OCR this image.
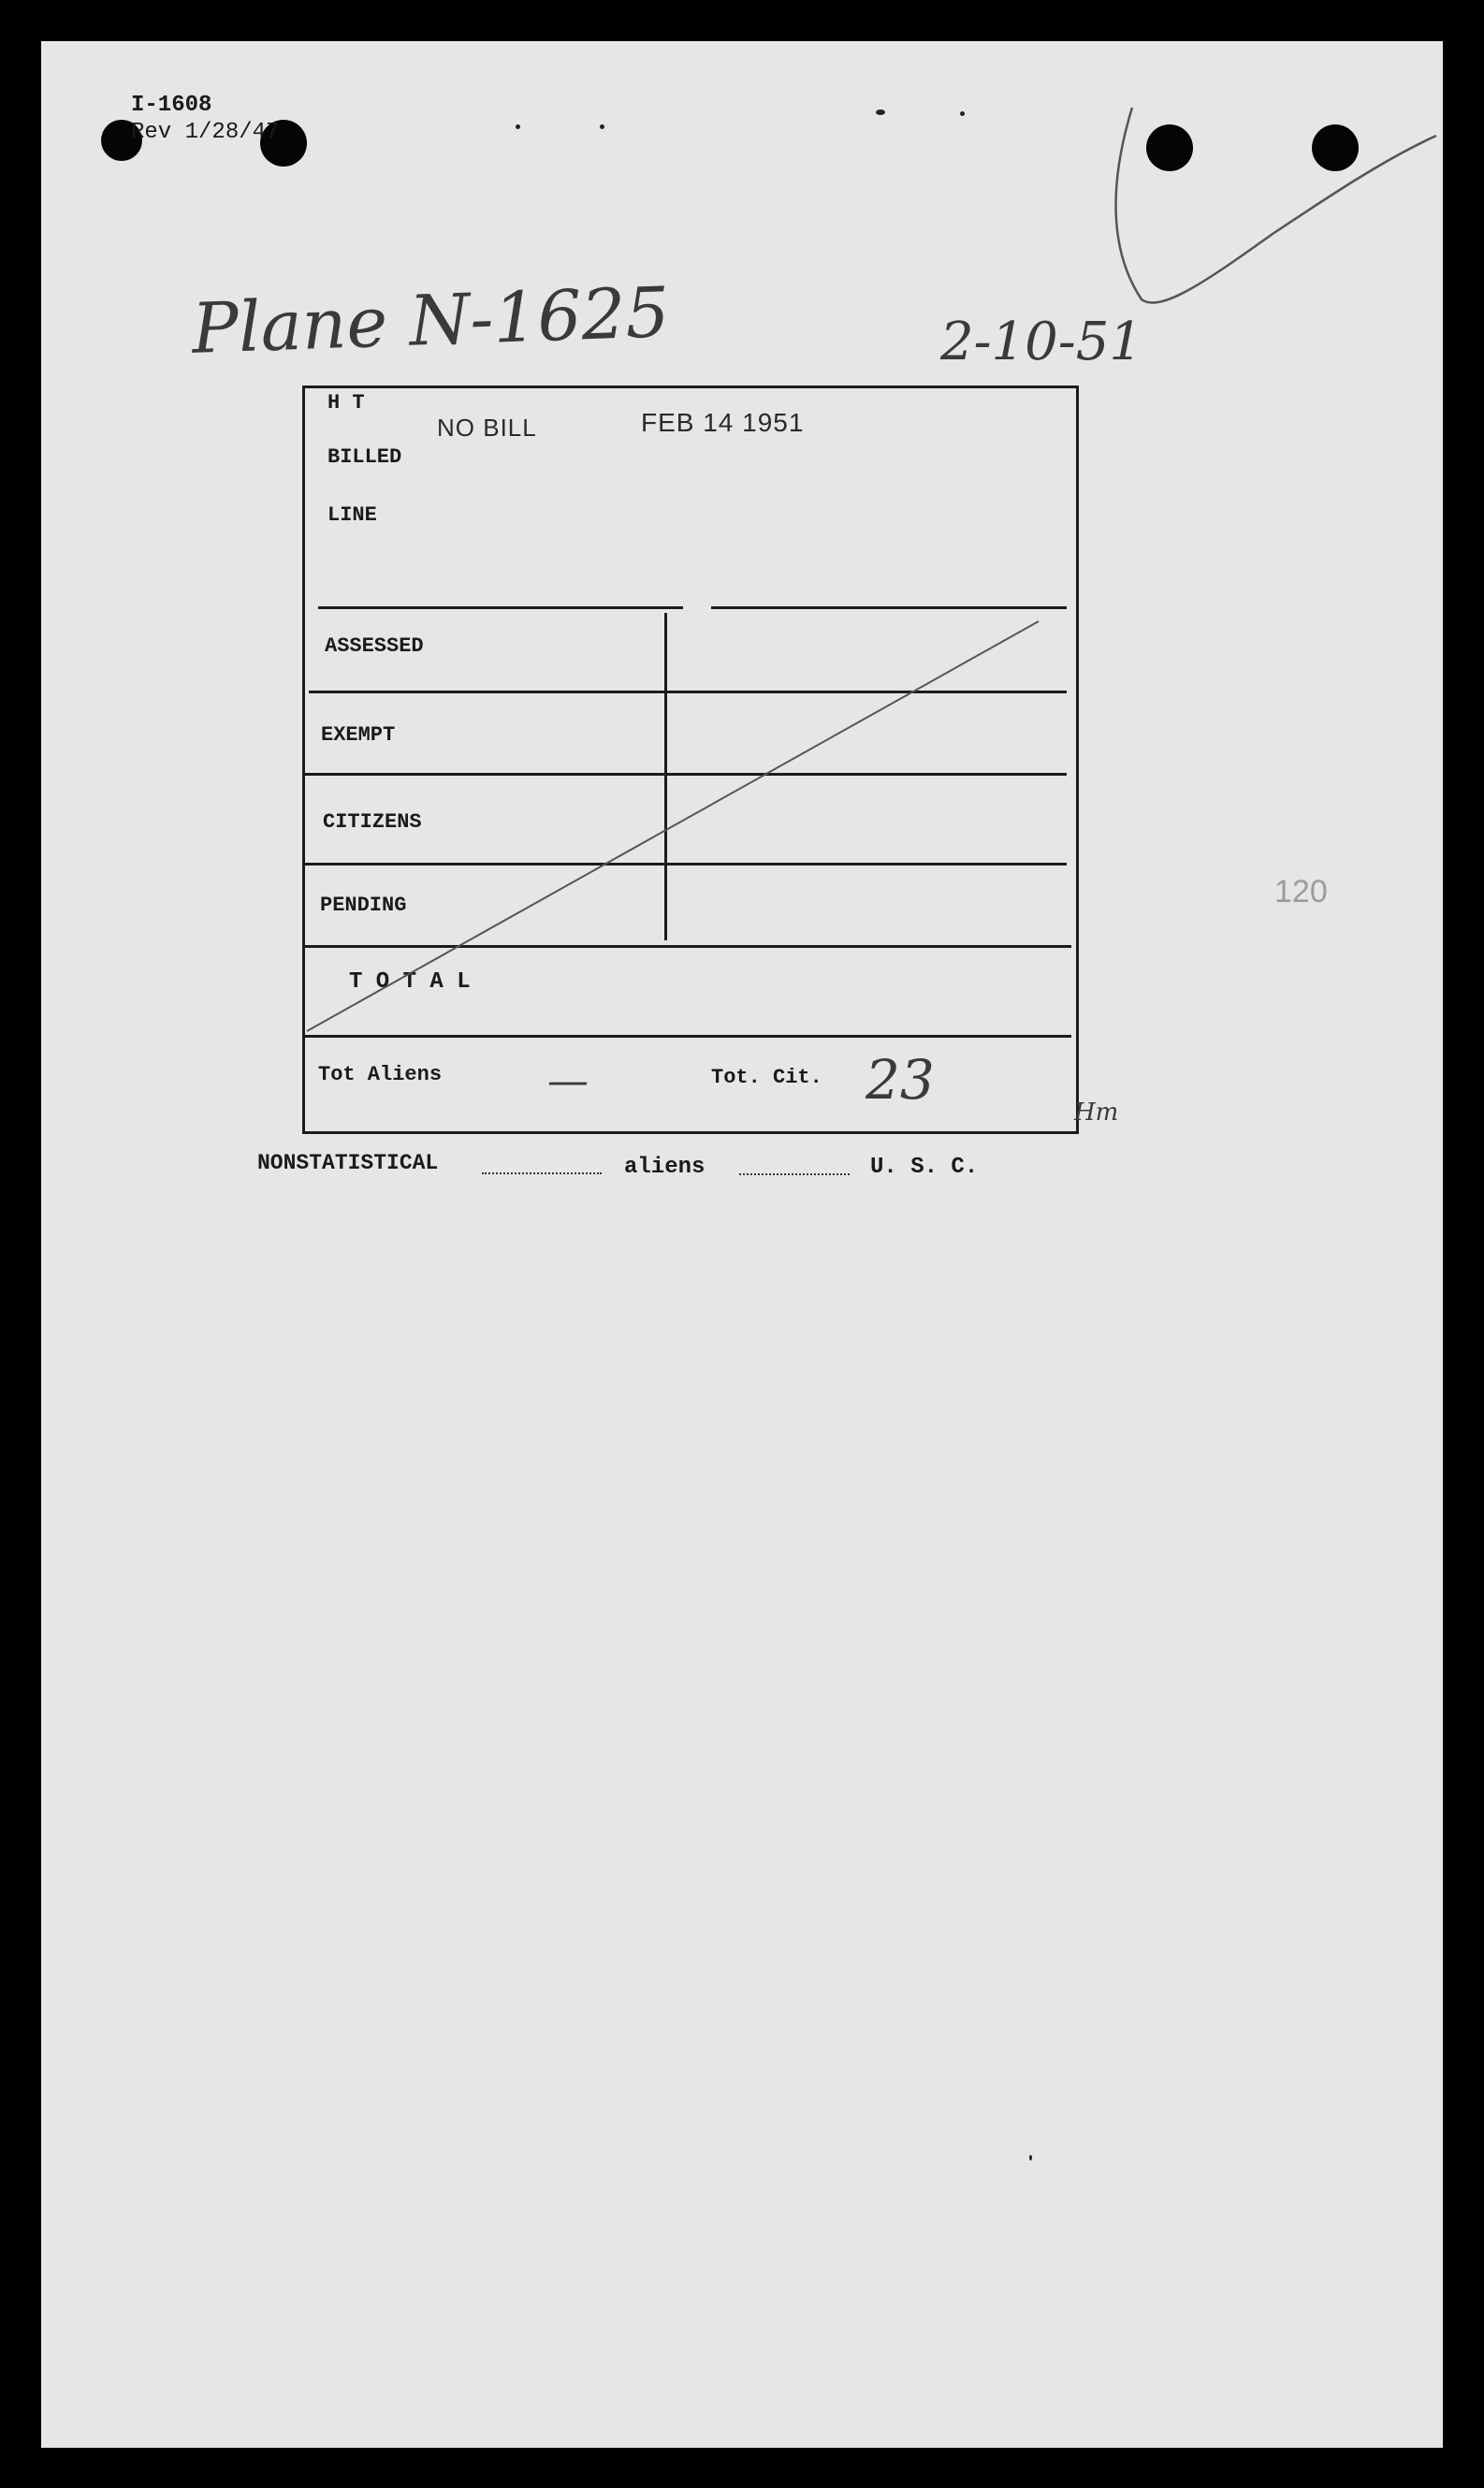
I-1608
Rev 1/28/47
Plane N-1625	2-10-51
H T
BILLED
LINE
NO BILL	FEB 14 1951
ASSESSED
EXEMPT
CITIZENS
PENDING
T O T A L
Tot Aliens	—	Tot. Cit. 23
Hm
120
NONSTATISTICAL	aliens	U. S. C.
